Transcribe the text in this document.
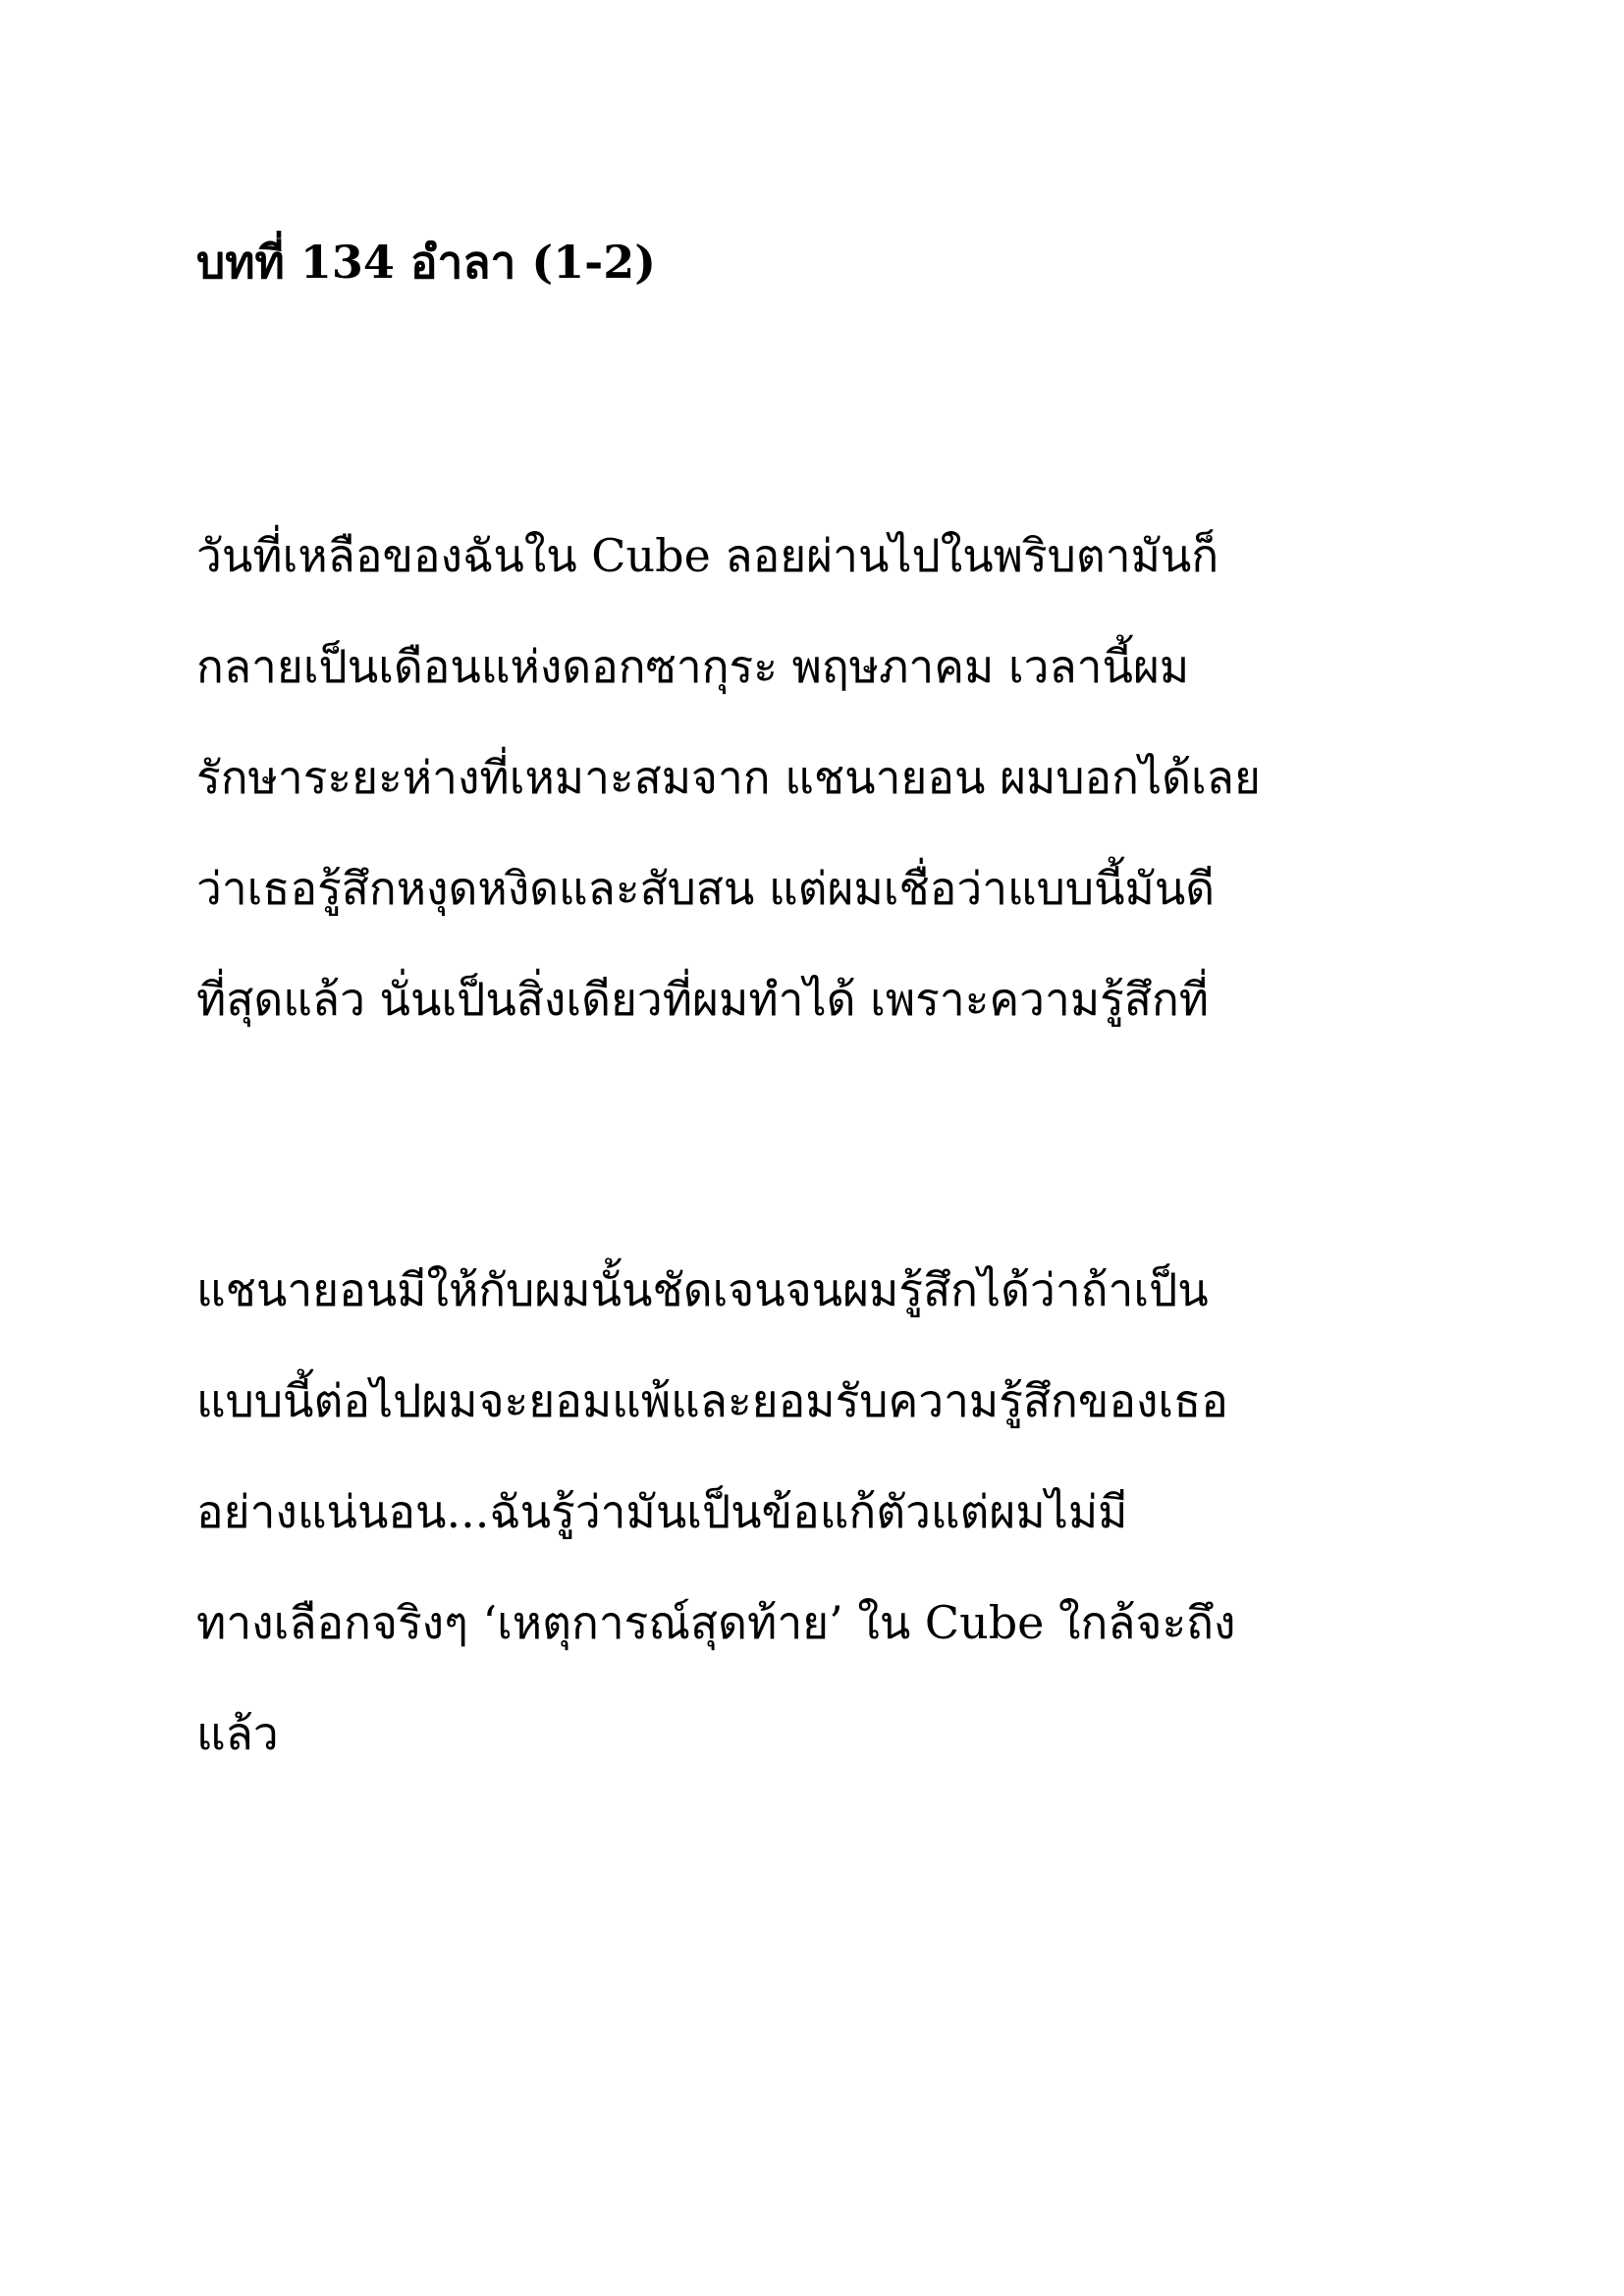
บทที่ 134 อำลา (1-2)
วันที่เหลือของฉันใน Cube ลอยผ่านไปในพริบตามันก็
กลายเป็นเดือนแห่งดอกซากุระ พฤษภาคม เวลานี้ผม
รักษาระยะห่างที่เหมาะสมจาก แชนายอน ผมบอกได้เลย
ว่าเธอรู้สึกหงุดหงิดและสับสน แต่ผมเชื่อว่าแบบนี้มันดี
ที่สุดแล้ว นั่นเป็นสิ่งเดียวที่ผมทำได้ เพราะความรู้สึกที่
แชนายอนมีให้กับผมนั้นชัดเจนจนผมรู้สึกได้ว่าถ้าเป็น
แบบนี้ต่อไปผมจะยอมแพ้และยอมรับความรู้สึกของเธอ
อย่างแน่นอน...ฉันรู้ว่ามันเป็นข้อแก้ตัวแต่ผมไม่มี
ทางเลือกจริงๆ ‘เหตุการณ์สุดท้าย’ ใน Cube ใกล้จะถึง
แล้ว
